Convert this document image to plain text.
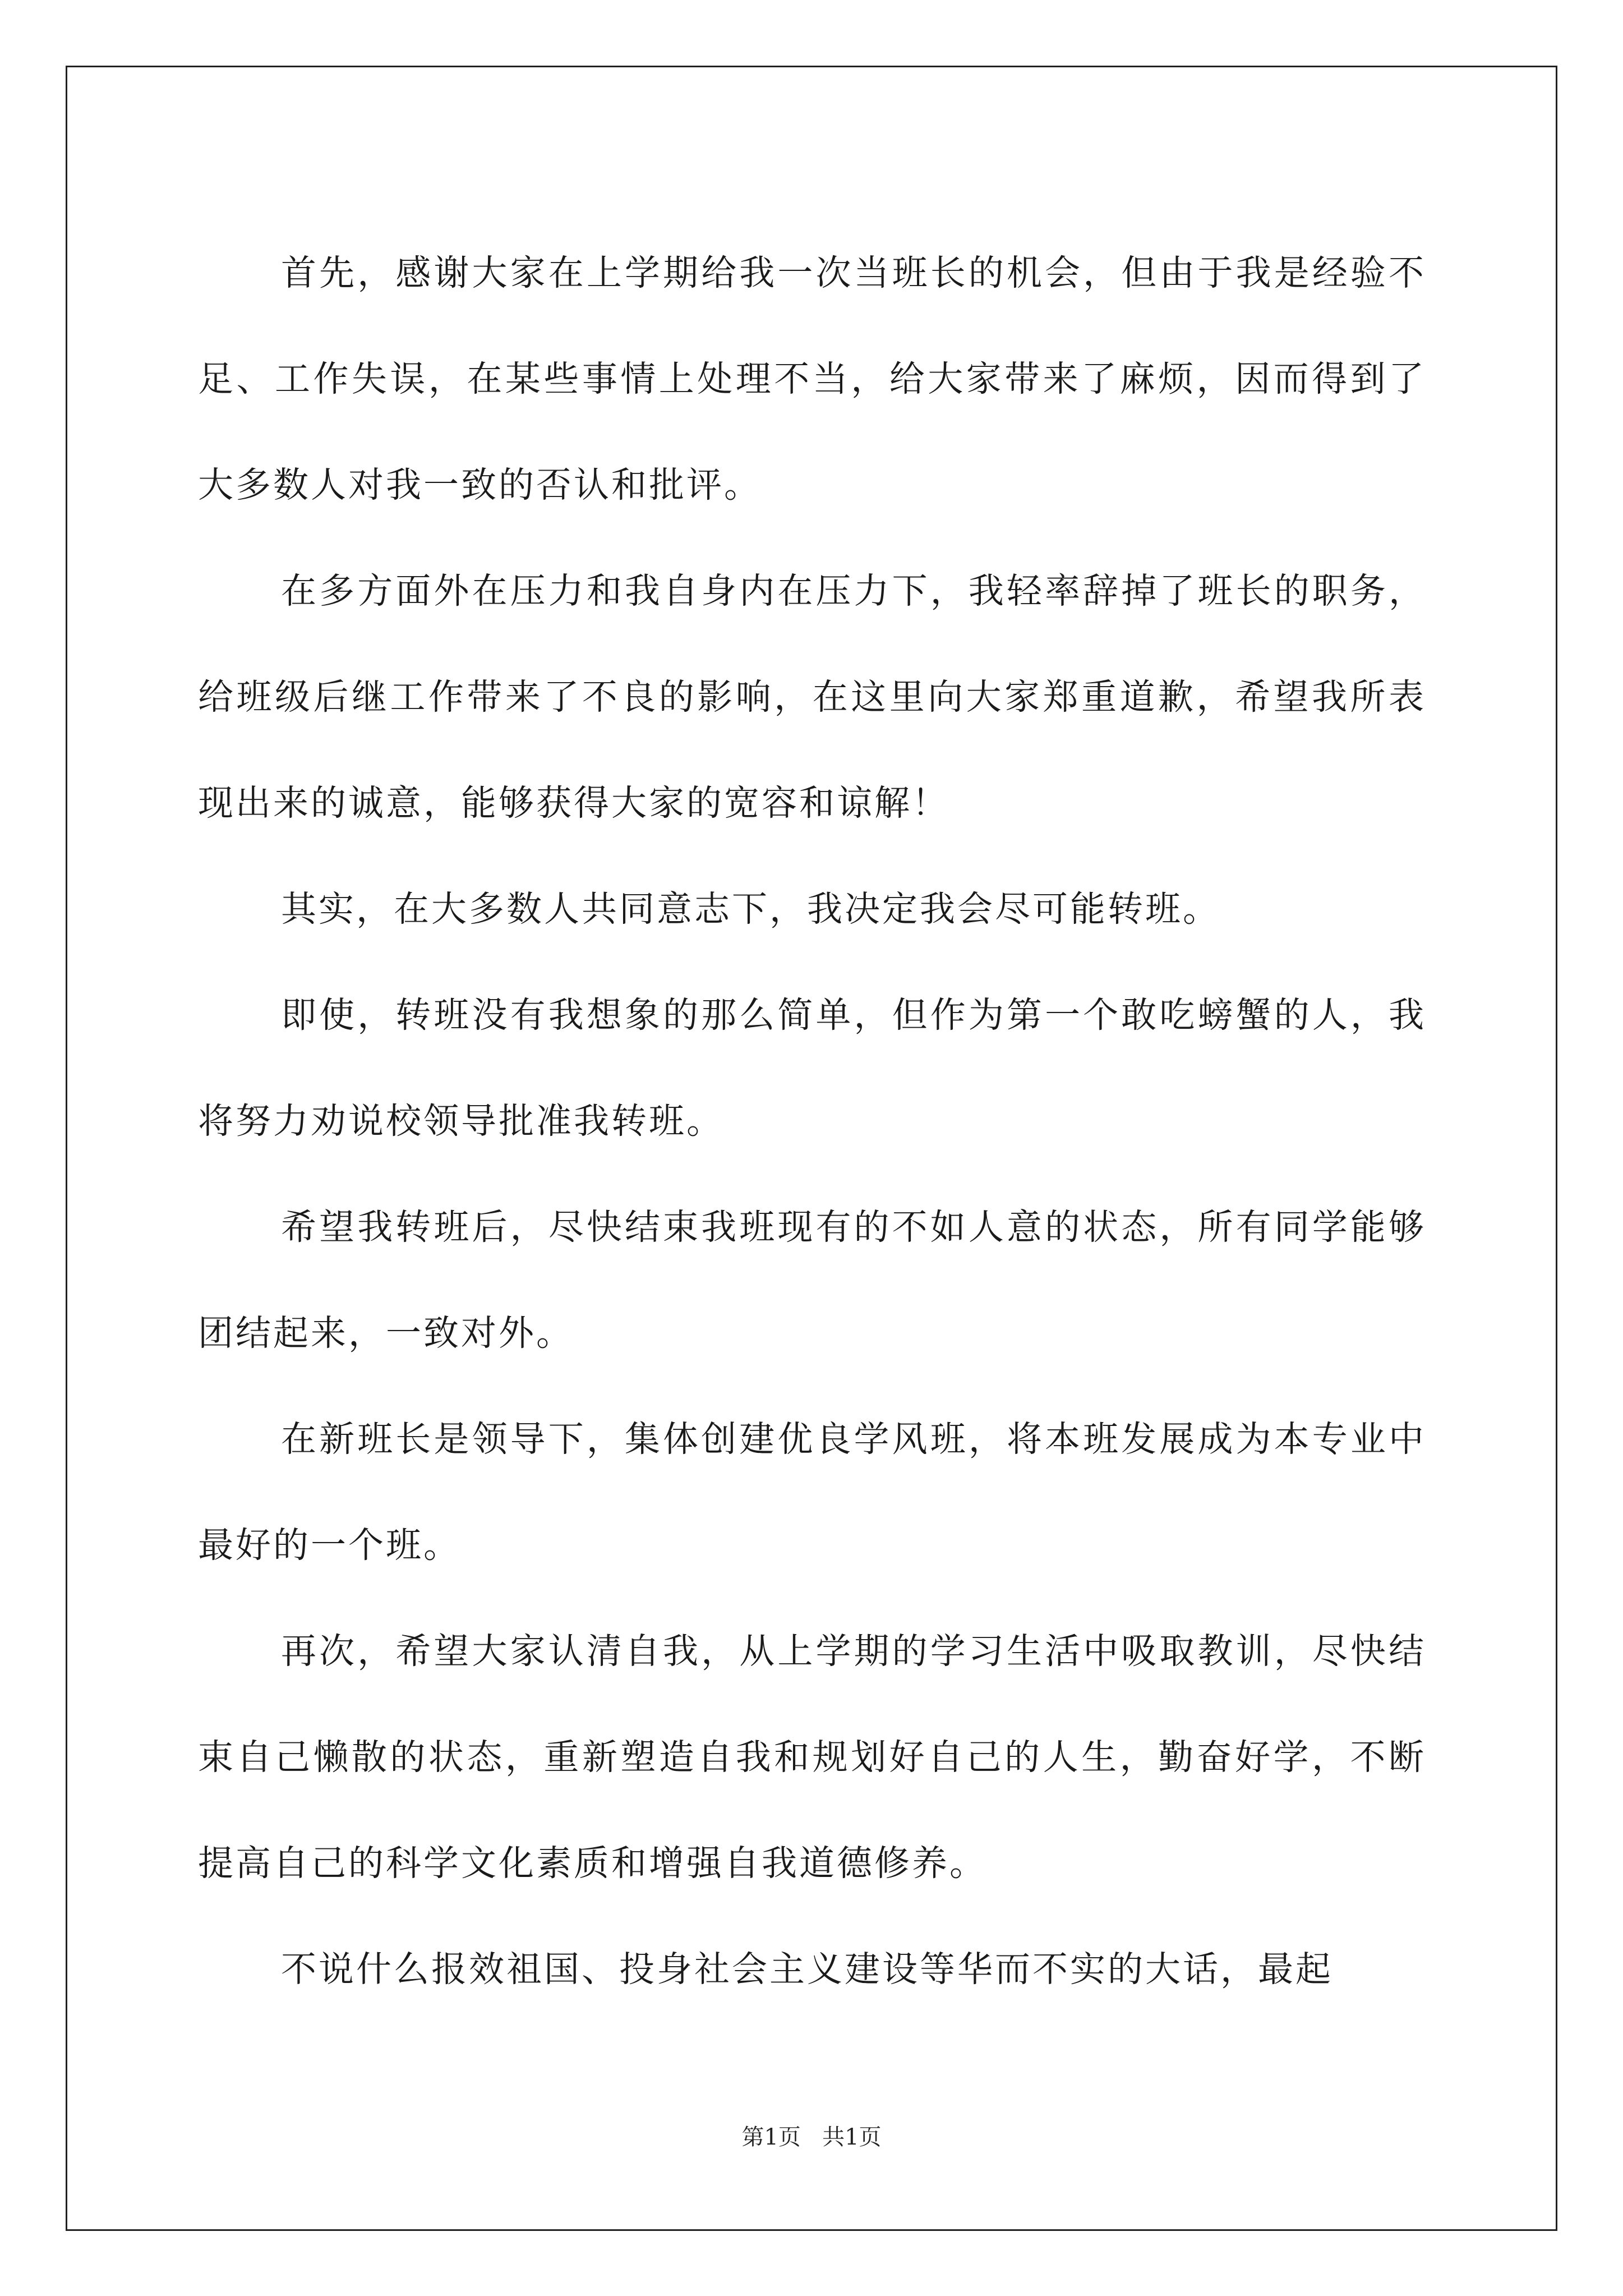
首先，感谢大家在上学期给我一次当班长的机会，但由于我是经验不足、工作失误，在某些事情上处理不当，给大家带来了麻烦，因而得到了大多数人对我一致的否认和批评。

在多方面外在压力和我自身内在压力下，我轻率辞掉了班长的职务，给班级后继工作带来了不良的影响，在这里向大家郑重道歉，希望我所表现出来的诚意，能够获得大家的宽容和谅解！

其实，在大多数人共同意志下，我决定我会尽可能转班。

即使，转班没有我想象的那么简单，但作为第一个敢吃螃蟹的人，我将努力劝说校领导批准我转班。

希望我转班后，尽快结束我班现有的不如人意的状态，所有同学能够团结起来，一致对外。

在新班长是领导下，集体创建优良学风班，将本班发展成为本专业中最好的一个班。

再次，希望大家认清自我，从上学期的学习生活中吸取教训，尽快结束自己懒散的状态，重新塑造自我和规划好自己的人生，勤奋好学，不断提高自己的科学文化素质和增强自我道德修养。

不说什么报效祖国、投身社会主义建设等华而不实的大话，最起

第1页 共1页
